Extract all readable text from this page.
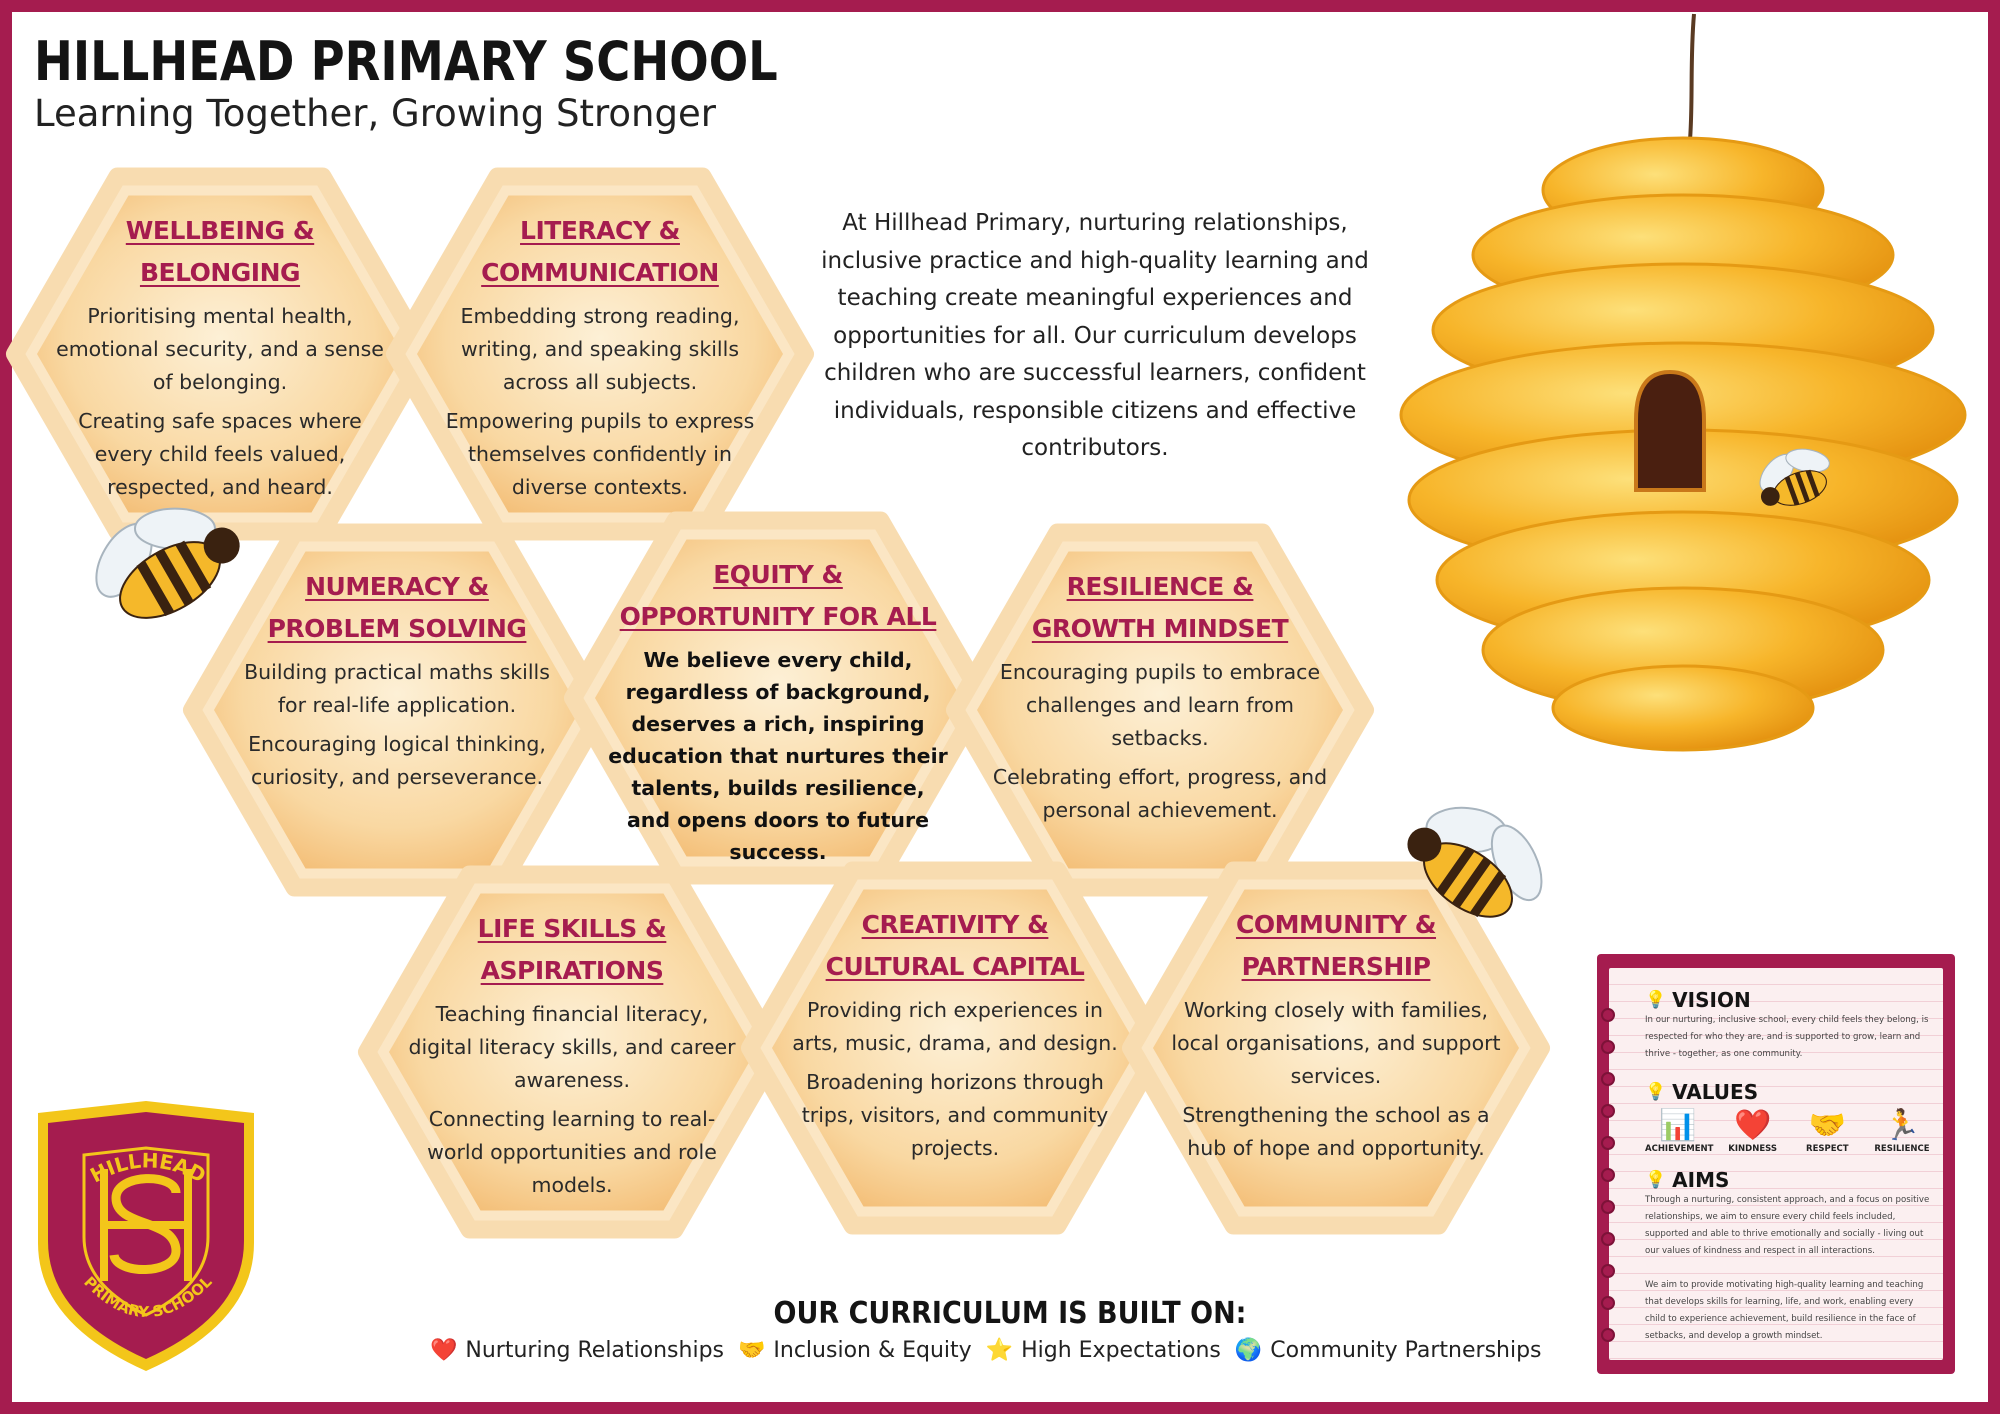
HILLHEAD PRIMARY SCHOOL
Learning Together, Growing Stronger
HILLHEAD
PRIMARY SCHOOL
WELLBEING &
BELONGING

Prioritising mental health, emotional security, and a sense of belonging.

Creating safe spaces where every child feels valued, respected, and heard.

LITERACY &
COMMUNICATION

Embedding strong reading, writing, and speaking skills across all subjects.

Empowering pupils to express themselves confidently in diverse contexts.

NUMERACY &
PROBLEM SOLVING

Building practical maths skills for real-life application.

Encouraging logical thinking, curiosity, and perseverance.

EQUITY &
OPPORTUNITY FOR ALL

We believe every child, regardless of background, deserves a rich, inspiring education that nurtures their talents, builds resilience, and opens doors to future success.

RESILIENCE &
GROWTH MINDSET

Encouraging pupils to embrace challenges and learn from setbacks.

Celebrating effort, progress, and personal achievement.

LIFE SKILLS &
ASPIRATIONS

Teaching financial literacy, digital literacy skills, and career awareness.

Connecting learning to real-world opportunities and role models.

CREATIVITY &
CULTURAL CAPITAL

Providing rich experiences in arts, music, drama, and design.

Broadening horizons through trips, visitors, and community projects.

COMMUNITY &
PARTNERSHIP

Working closely with families, local organisations, and support services.

Strengthening the school as a hub of hope and opportunity.

At Hillhead Primary, nurturing relationships, inclusive practice and high-quality learning and teaching create meaningful experiences and opportunities for all. Our curriculum develops children who are successful learners, confident individuals, responsible citizens and effective contributors.
OUR CURRICULUM IS BUILT ON:
❤️ Nurturing Relationships 🤝 Inclusion & Equity ⭐ High Expectations 🌍 Community Partnerships
💡 VISION
In our nurturing, inclusive school, every child feels they belong, is respected for who they are, and is supported to grow, learn and thrive - together, as one community.
💡 VALUES
📊
ACHIEVEMENT
❤️
KINDNESS
🤝
RESPECT
🏃
RESILIENCE
💡 AIMS
Through a nurturing, consistent approach, and a focus on positive relationships, we aim to ensure every child feels included, supported and able to thrive emotionally and socially - living out our values of kindness and respect in all interactions.
We aim to provide motivating high-quality learning and teaching that develops skills for learning, life, and work, enabling every child to experience achievement, build resilience in the face of setbacks, and develop a growth mindset.
